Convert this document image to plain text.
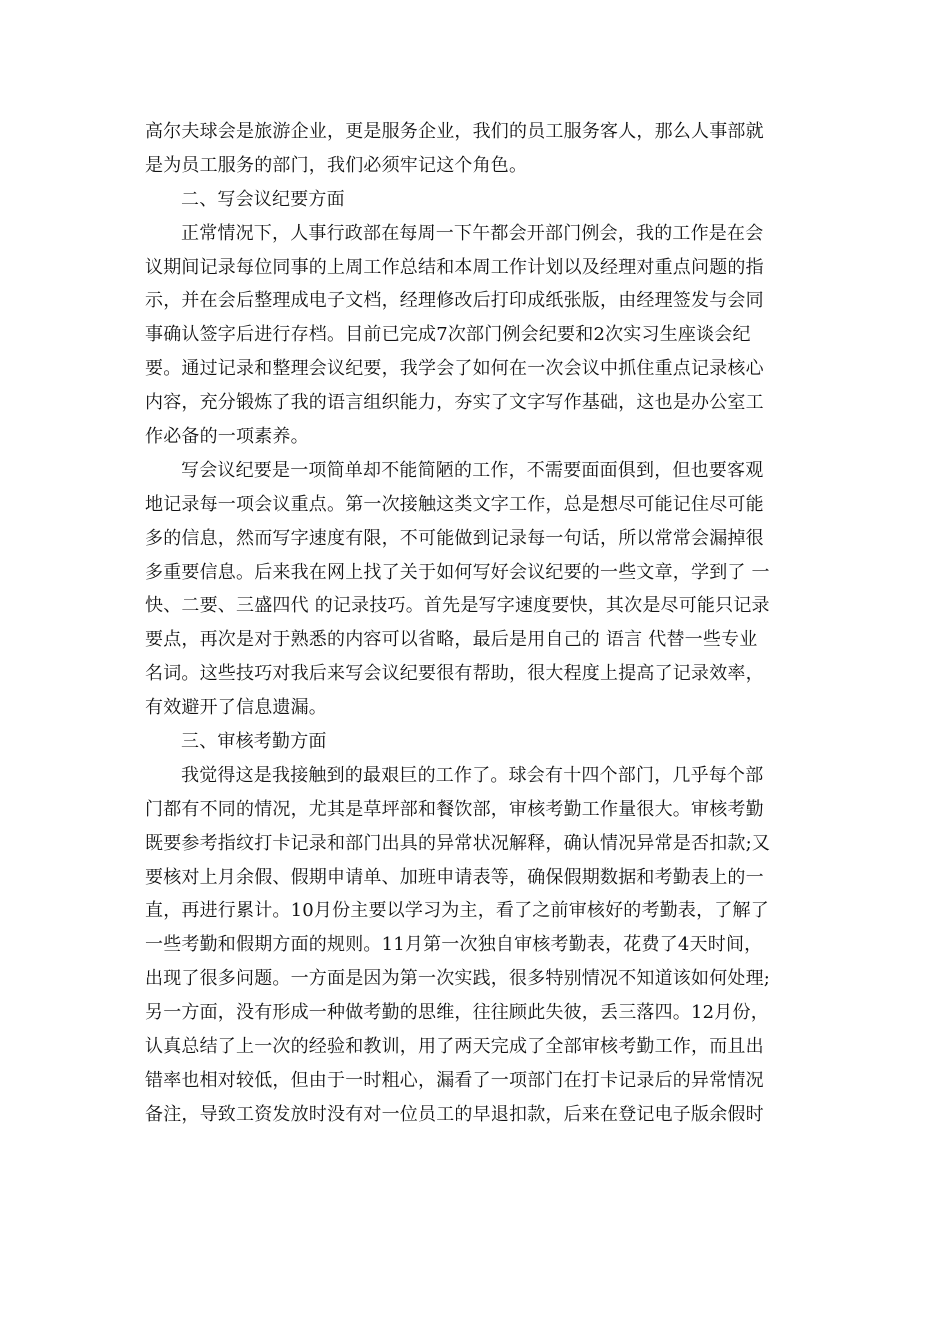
高尔夫球会是旅游企业，更是服务企业，我们的员工服务客人，那么人事部就
是为员工服务的部门，我们必须牢记这个角色。
二、写会议纪要方面
正常情况下，人事行政部在每周一下午都会开部门例会，我的工作是在会
议期间记录每位同事的上周工作总结和本周工作计划以及经理对重点问题的指
示，并在会后整理成电子文档，经理修改后打印成纸张版，由经理签发与会同
事确认签字后进行存档。目前已完成7次部门例会纪要和2次实习生座谈会纪
要。通过记录和整理会议纪要，我学会了如何在一次会议中抓住重点记录核心
内容，充分锻炼了我的语言组织能力，夯实了文字写作基础，这也是办公室工
作必备的一项素养。
写会议纪要是一项简单却不能简陋的工作，不需要面面俱到，但也要客观
地记录每一项会议重点。第一次接触这类文字工作，总是想尽可能记住尽可能
多的信息，然而写字速度有限，不可能做到记录每一句话，所以常常会漏掉很
多重要信息。后来我在网上找了关于如何写好会议纪要的一些文章，学到了 一
快、二要、三盛四代 的记录技巧。首先是写字速度要快，其次是尽可能只记录
要点，再次是对于熟悉的内容可以省略，最后是用自己的 语言 代替一些专业
名词。这些技巧对我后来写会议纪要很有帮助，很大程度上提高了记录效率，
有效避开了信息遗漏。
三、审核考勤方面
我觉得这是我接触到的最艰巨的工作了。球会有十四个部门，几乎每个部
门都有不同的情况，尤其是草坪部和餐饮部，审核考勤工作量很大。审核考勤
既要参考指纹打卡记录和部门出具的异常状况解释，确认情况异常是否扣款;又
要核对上月余假、假期申请单、加班申请表等，确保假期数据和考勤表上的一
直，再进行累计。10月份主要以学习为主，看了之前审核好的考勤表，了解了
一些考勤和假期方面的规则。11月第一次独自审核考勤表，花费了4天时间，
出现了很多问题。一方面是因为第一次实践，很多特别情况不知道该如何处理;
另一方面，没有形成一种做考勤的思维，往往顾此失彼，丢三落四。12月份，
认真总结了上一次的经验和教训，用了两天完成了全部审核考勤工作，而且出
错率也相对较低，但由于一时粗心，漏看了一项部门在打卡记录后的异常情况
备注，导致工资发放时没有对一位员工的早退扣款，后来在登记电子版余假时
